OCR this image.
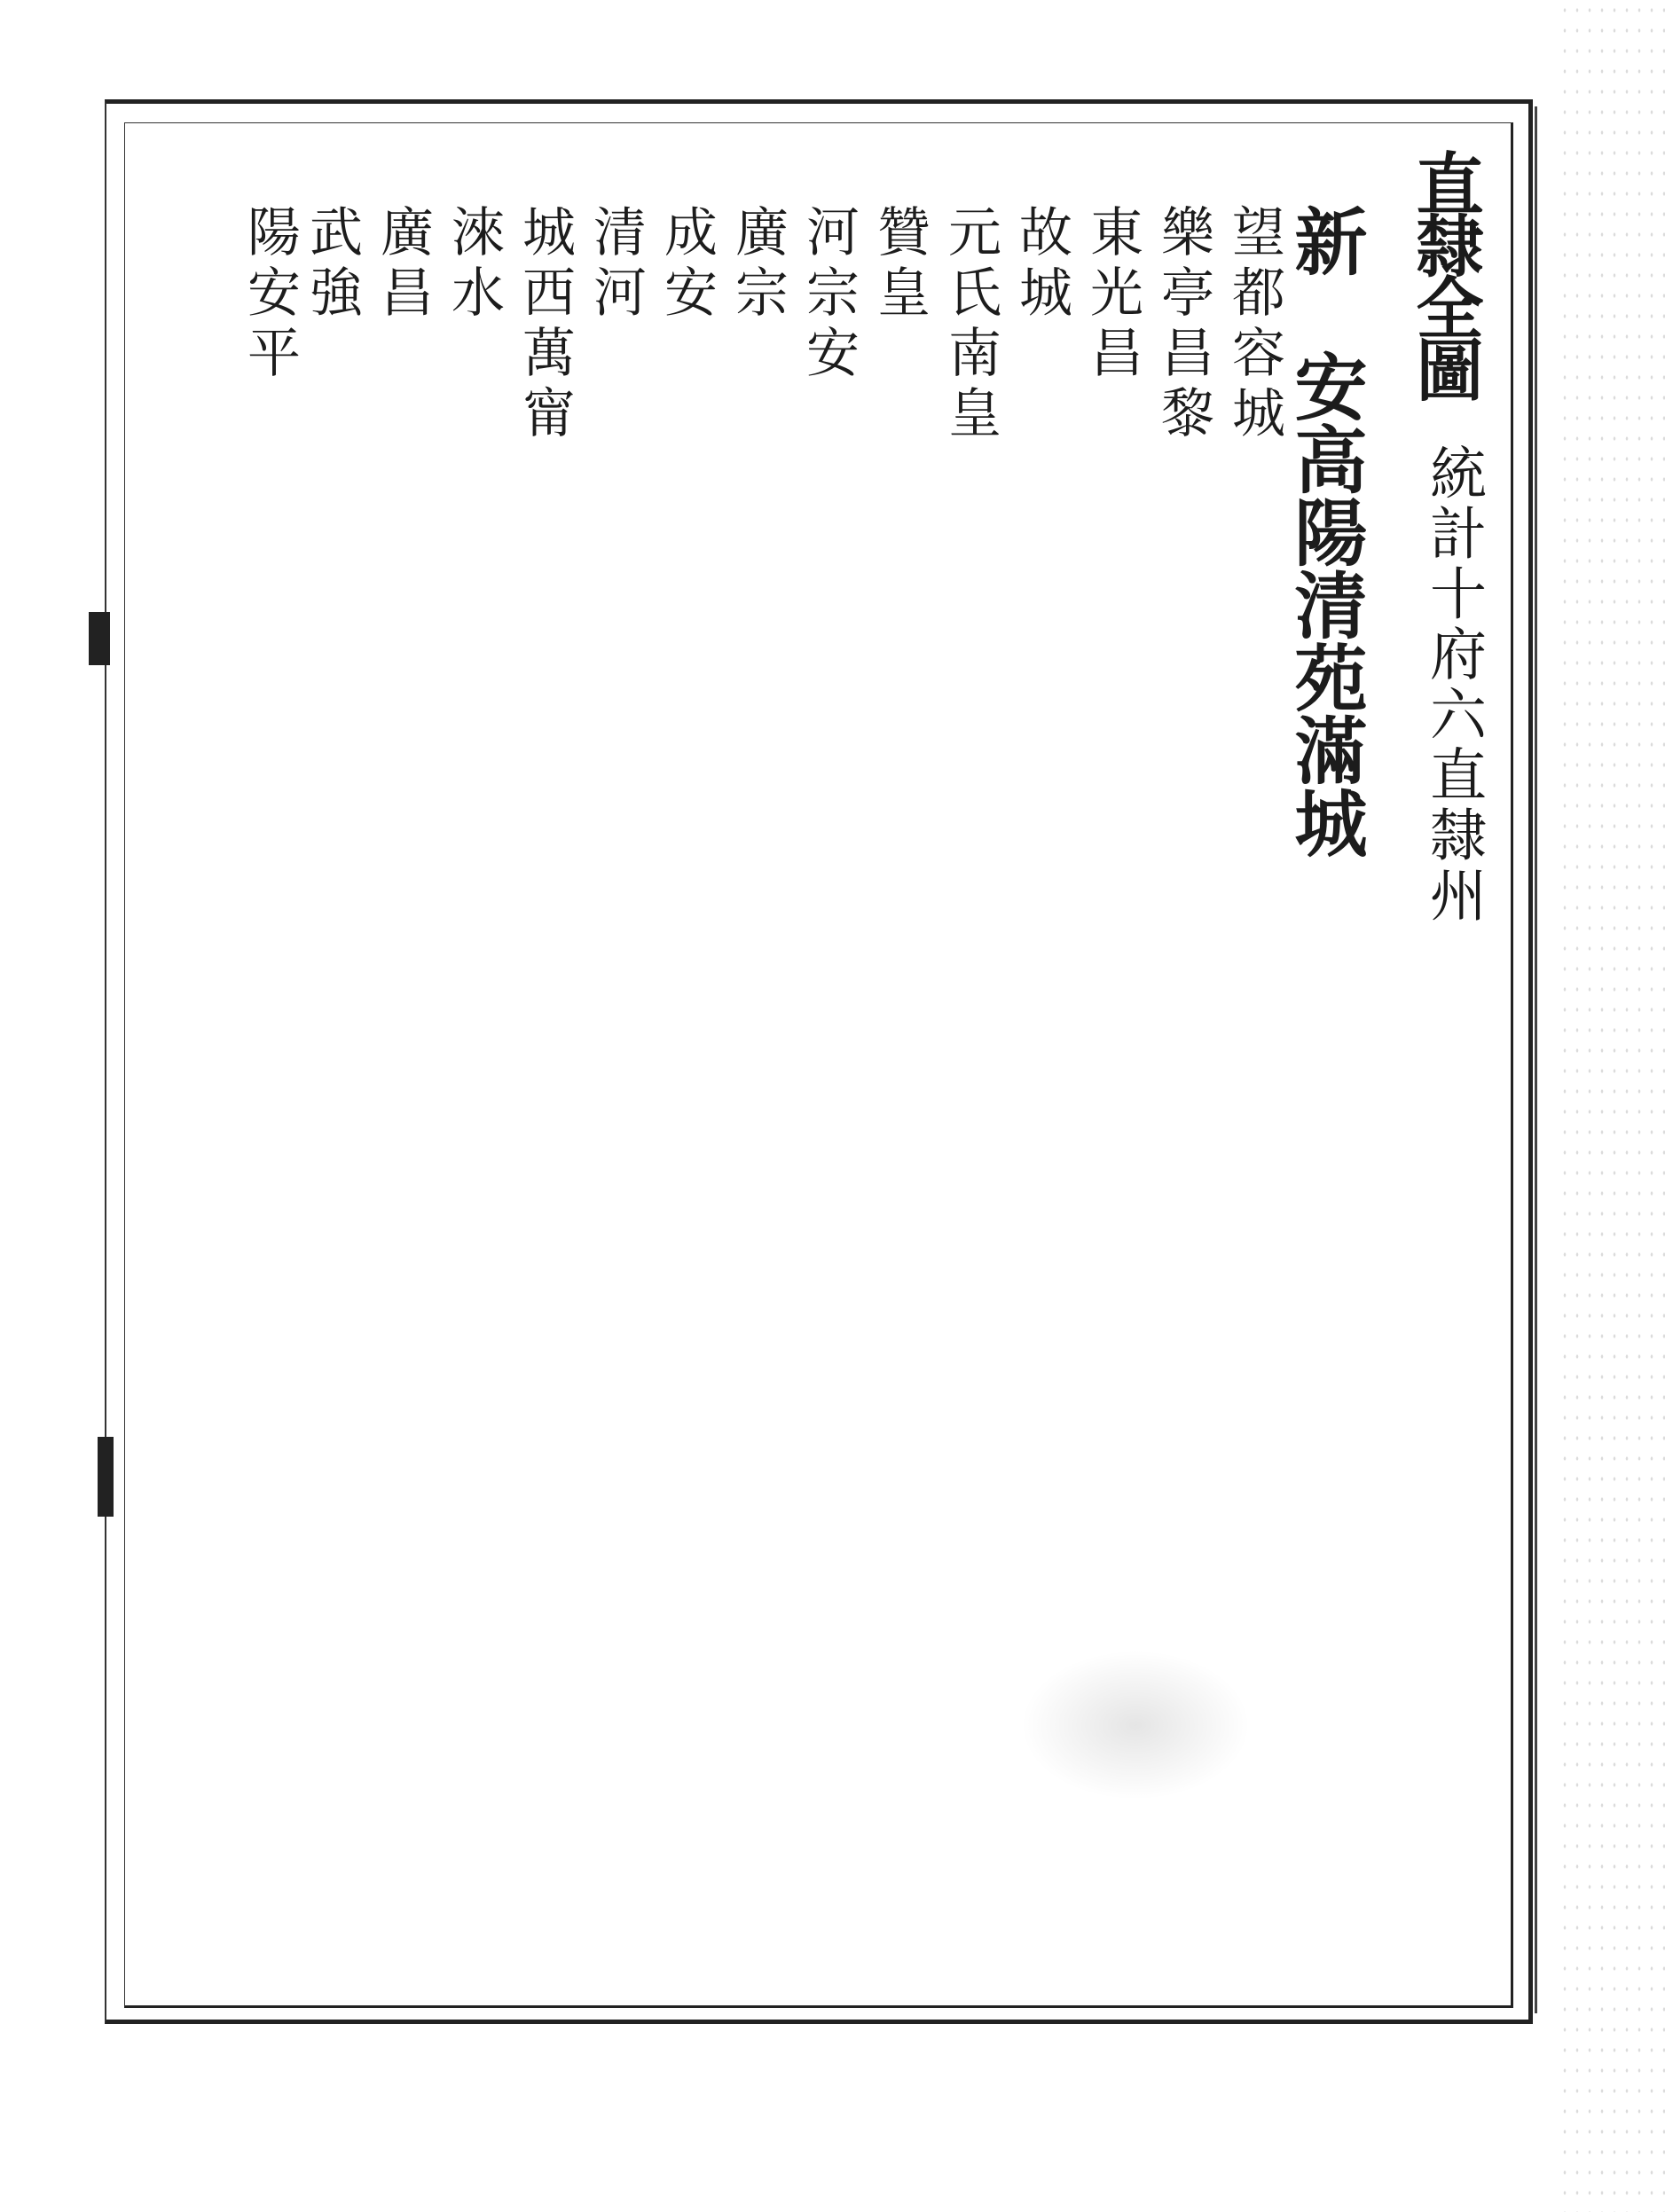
直隸全圖
統計十府六直隸州
新　安高陽清苑滿城
望都容城
樂亭昌黎
東光昌　　　　　　
故城
元氏南皇
贊皇
河宗安
廣宗
成安
清河
城西萬甯
淶水
廣昌
武強
陽安平
